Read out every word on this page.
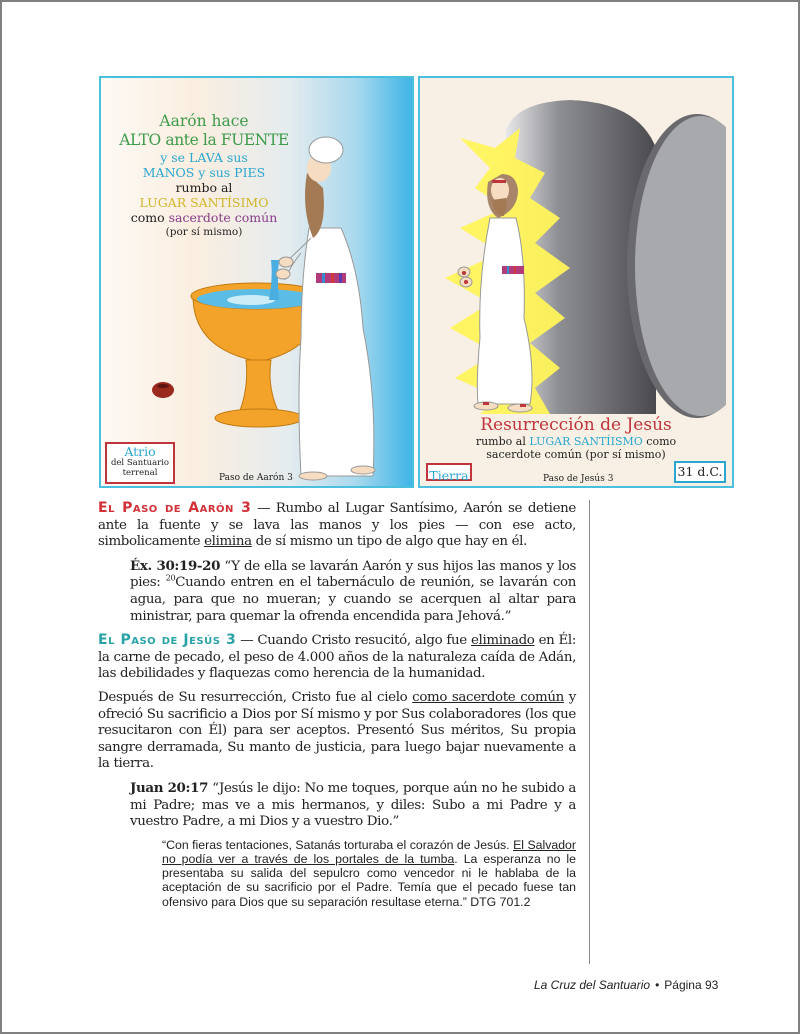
Aarón hace
ALTO ante la FUENTE
y se LAVA sus
MANOS y sus PIES
rumbo al
LUGAR SANTÍSIMO
como sacerdote común
(por sí mismo)
Atrio
del Santuario
terrenal	Paso de Aarón 3
Resurrección de Jesús
rumbo al LUGAR SANTÍISMO como
sacerdote común (por sí mismo)
Tierra	Paso de Jesús 3	31 d.C.

El Paso de Aarón 3 — Rumbo al Lugar Santísimo, Aarón se detiene ante la fuente y se lava las manos y los pies — con ese acto, simbolicamente elimina de sí mismo un tipo de algo que hay en él.

Éx. 30:19-20 “Y de ella se lavarán Aarón y sus hijos las manos y los pies: $^{20}$Cuando entren en el tabernáculo de reunión, se lavarán con agua, para que no mueran; y cuando se acerquen al altar para ministrar, para quemar la ofrenda encendida para Jehová.”

El Paso de Jesús 3 — Cuando Cristo resucitó, algo fue eliminado en Él: la carne de pecado, el peso de 4.000 años de la naturaleza caída de Adán, las debilidades y flaquezas como herencia de la humanidad.

Después de Su resurrección, Cristo fue al cielo como sacerdote común y ofreció Su sacrificio a Dios por Sí mismo y por Sus colaboradores (los que resucitaron con Él) para ser aceptos. Presentó Sus méritos, Su propia sangre derramada, Su manto de justicia, para luego bajar nuevamente a la tierra.

Juan 20:17 “Jesús le dijo: No me toques, porque aún no he subido a mi Padre; mas ve a mis hermanos, y diles: Subo a mi Padre y a vuestro Padre, a mi Dios y a vuestro Dio.”

“Con fieras tentaciones, Satanás torturaba el corazón de Jesús. El Salvador no podía ver a través de los portales de la tumba. La esperanza no le presentaba su salida del sepulcro como vencedor ni le hablaba de la aceptación de su sacrificio por el Padre. Temía que el pecado fuese tan ofensivo para Dios que su separación resultase eterna.” DTG 701.2

La Cruz del Santuario • Página 93
